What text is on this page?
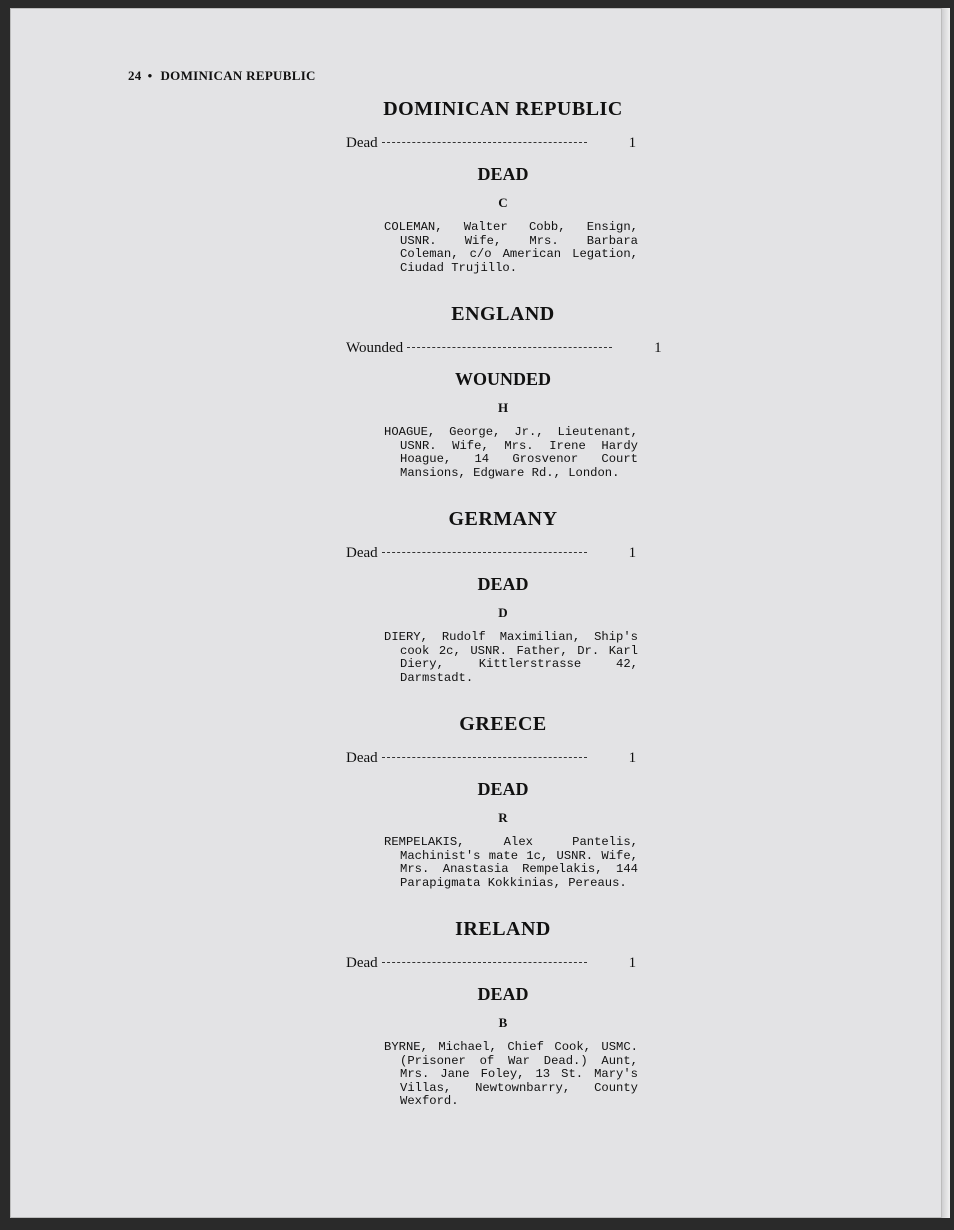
24 • DOMINICAN REPUBLIC
DOMINICAN REPUBLIC
Dead	1
DEAD
C
COLEMAN, Walter Cobb, Ensign, USNR. Wife, Mrs. Barbara Coleman, c/o American Legation, Ciudad Trujillo.
ENGLAND
Wounded	1
WOUNDED
H
HOAGUE, George, Jr., Lieutenant, USNR. Wife, Mrs. Irene Hardy Hoague, 14 Grosvenor Court Mansions, Edgware Rd., London.
GERMANY
Dead	1
DEAD
D
DIERY, Rudolf Maximilian, Ship's cook 2c, USNR. Father, Dr. Karl Diery, Kittlerstrasse 42, Darmstadt.
GREECE
Dead	1
DEAD
R
REMPELAKIS, Alex Pantelis, Machinist's mate 1c, USNR. Wife, Mrs. Anastasia Rempelakis, 144 Parapigmata Kokkinias, Pereaus.
IRELAND
Dead	1
DEAD
B
BYRNE, Michael, Chief Cook, USMC. (Prisoner of War Dead.) Aunt, Mrs. Jane Foley, 13 St. Mary's Villas, Newtownbarry, County Wexford.
